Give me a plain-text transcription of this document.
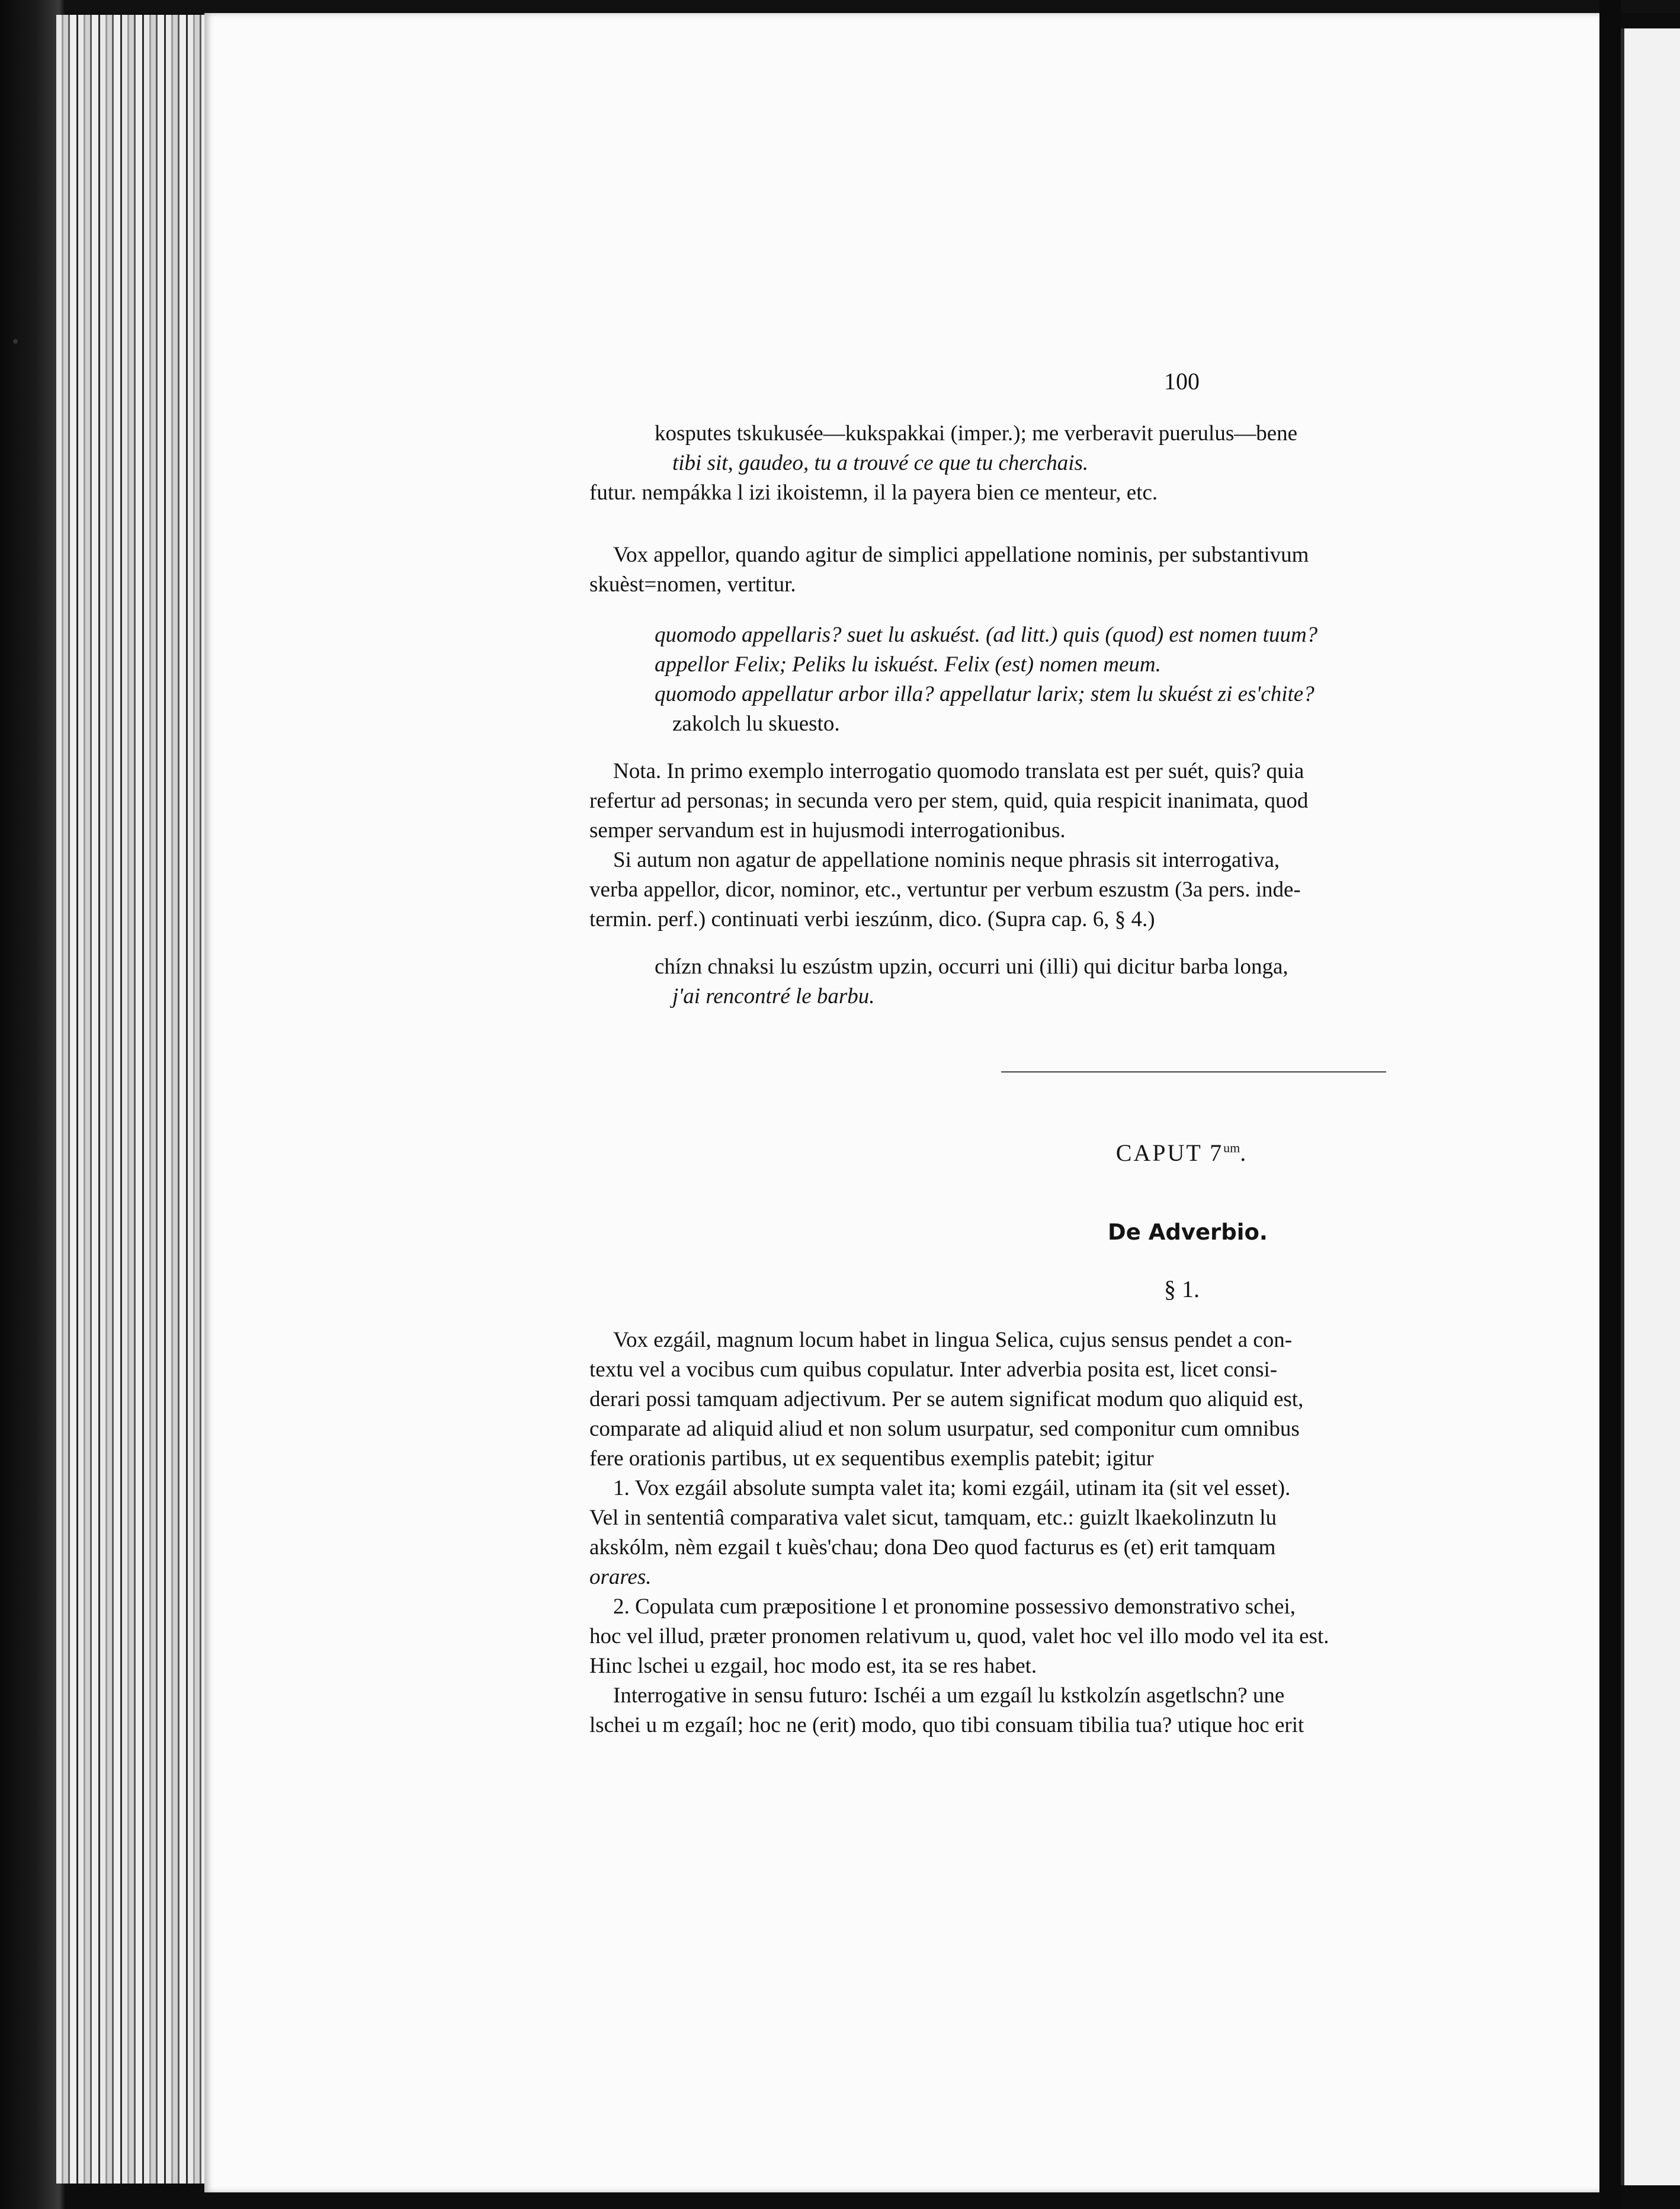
100
kosputes tskukusée—kukspakkai (imper.); me verberavit puerulus—bene
tibi sit, gaudeo, tu a trouvé ce que tu cherchais.
futur. nempákka l izi ikoistemn, il la payera bien ce menteur, etc.
Vox appellor, quando agitur de simplici appellatione nominis, per substantivum
skuèst=nomen, vertitur.
quomodo appellaris? suet lu askuést. (ad litt.) quis (quod) est nomen tuum?
appellor Felix; Peliks lu iskuést. Felix (est) nomen meum.
quomodo appellatur arbor illa? appellatur larix; stem lu skuést zi es'chite?
zakolch lu skuesto.
Nota. In primo exemplo interrogatio quomodo translata est per suét, quis? quia
refertur ad personas; in secunda vero per stem, quid, quia respicit inanimata, quod
semper servandum est in hujusmodi interrogationibus.
Si autum non agatur de appellatione nominis neque phrasis sit interrogativa,
verba appellor, dicor, nominor, etc., vertuntur per verbum eszustm (3a pers. inde-
termin. perf.) continuati verbi ieszúnm, dico. (Supra cap. 6, § 4.)
chízn chnaksi lu eszústm upzin, occurri uni (illi) qui dicitur barba longa,
j'ai rencontré le barbu.
CAPUT $7^{um}$.
De Adverbio.
§ 1.
Vox ezgáil, magnum locum habet in lingua Selica, cujus sensus pendet a con-
textu vel a vocibus cum quibus copulatur. Inter adverbia posita est, licet consi-
derari possi tamquam adjectivum. Per se autem significat modum quo aliquid est,
comparate ad aliquid aliud et non solum usurpatur, sed componitur cum omnibus
fere orationis partibus, ut ex sequentibus exemplis patebit; igitur
1. Vox ezgáil absolute sumpta valet ita; komi ezgáil, utinam ita (sit vel esset).
Vel in sententiâ comparativa valet sicut, tamquam, etc.: guizlt lkaekolinzutn lu
akskólm, nèm ezgail t kuès'chau; dona Deo quod facturus es (et) erit tamquam
orares.
2. Copulata cum præpositione l et pronomine possessivo demonstrativo schei,
hoc vel illud, præter pronomen relativum u, quod, valet hoc vel illo modo vel ita est.
Hinc lschei u ezgail, hoc modo est, ita se res habet.
Interrogative in sensu futuro: Ischéi a um ezgaíl lu kstkolzín asgetlschn? une
lschei u m ezgaíl; hoc ne (erit) modo, quo tibi consuam tibilia tua? utique hoc erit
